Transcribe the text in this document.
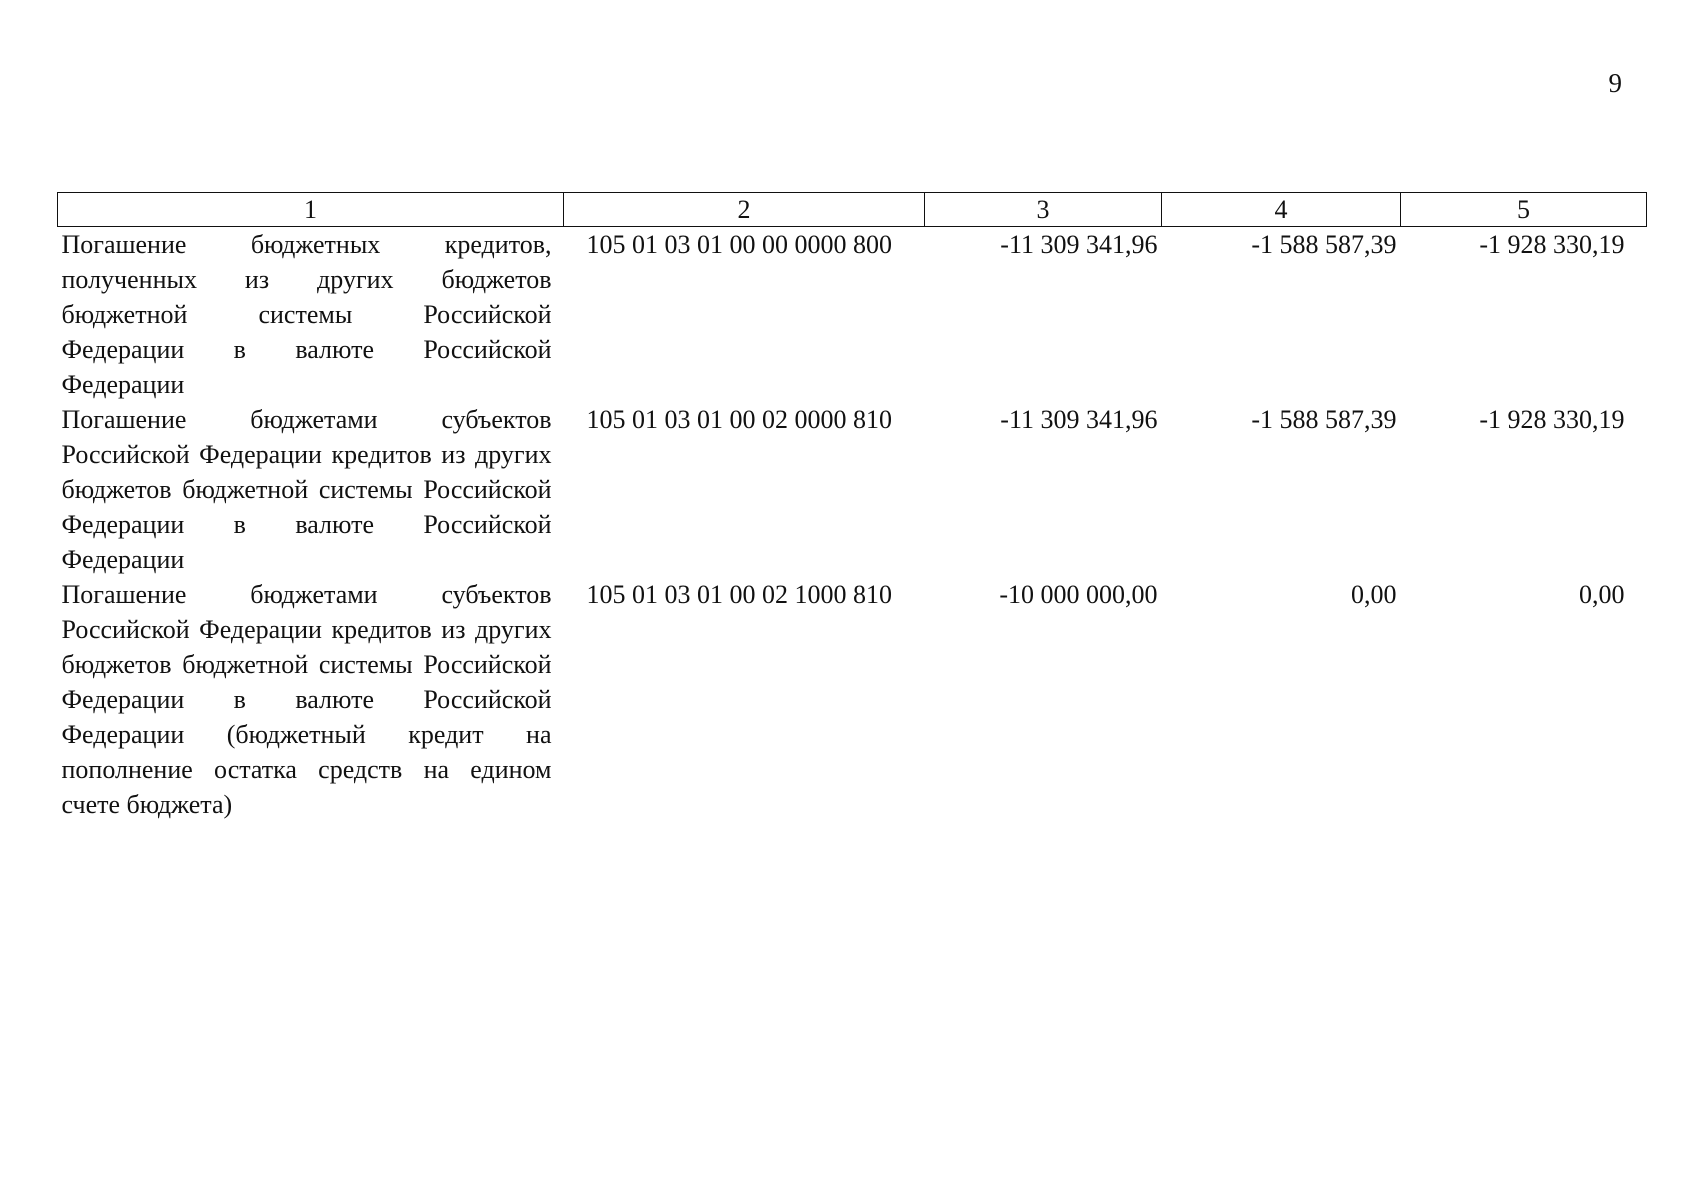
9
1	2	3	4	5
Погашение бюджетных кредитов, полученных из других бюджетов бюджетной системы Российской Федерации в валюте Российской Федерации	105 01 03 01 00 00 0000 800	-11 309 341,96	-1 588 587,39	-1 928 330,19
Погашение бюджетами субъектов Российской Федерации кредитов из других бюджетов бюджетной системы Российской Федерации в валюте Российской Федерации	105 01 03 01 00 02 0000 810	-11 309 341,96	-1 588 587,39	-1 928 330,19
Погашение бюджетами субъектов Российской Федерации кредитов из других бюджетов бюджетной системы Российской Федерации в валюте Российской Федерации (бюджетный кредит на пополнение остатка средств на едином счете бюджета)	105 01 03 01 00 02 1000 810	-10 000 000,00	0,00	0,00
